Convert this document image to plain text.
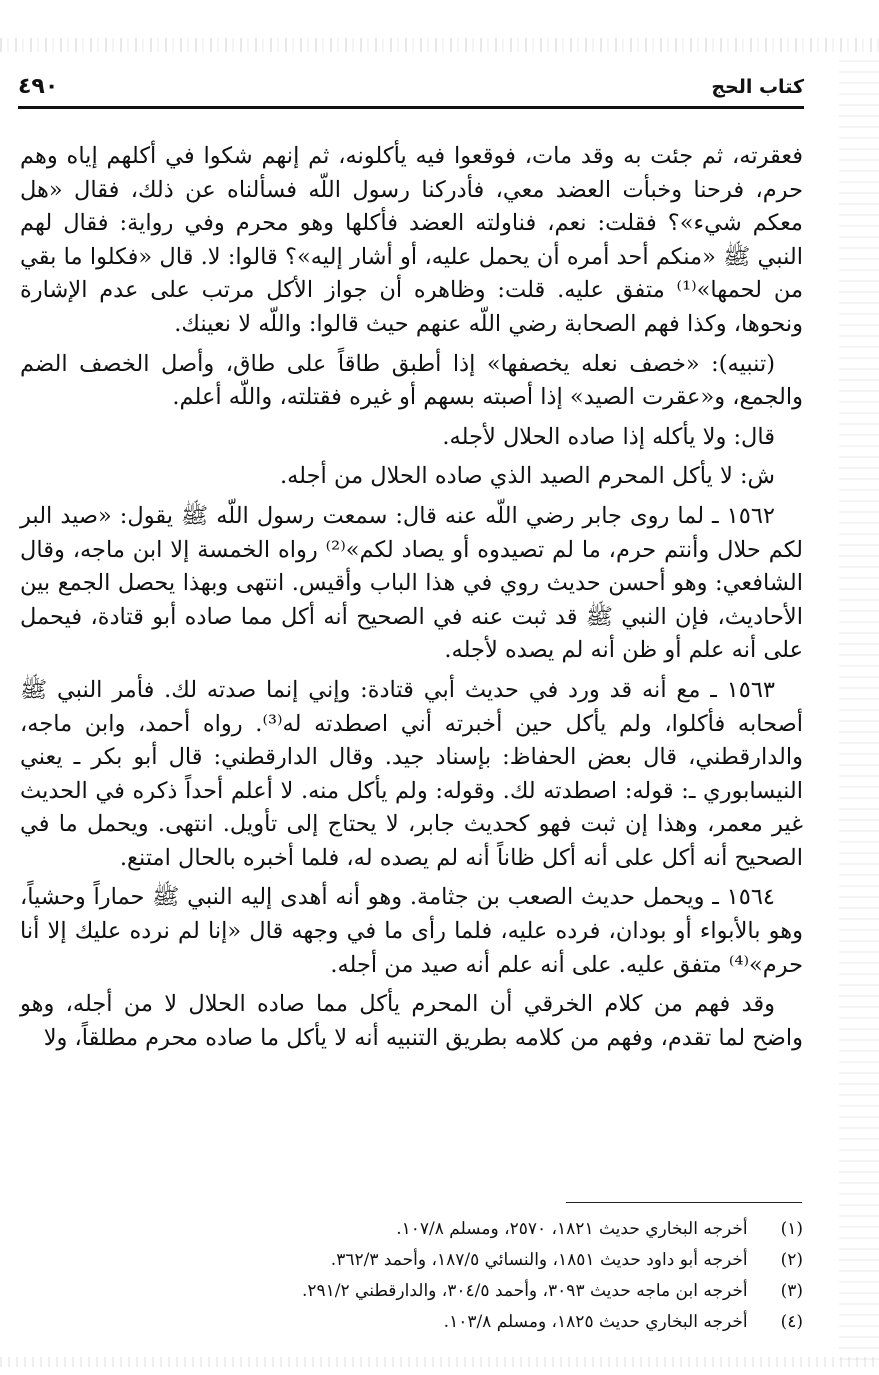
كتاب الحج
٤٩٠

فعقرته، ثم جئت به وقد مات، فوقعوا فيه يأكلونه، ثم إنهم شكوا في أكلهم إياه وهم حرم، فرحنا وخبأت العضد معي، فأدركنا رسول اللّه فسألناه عن ذلك، فقال «هل معكم شيء»؟ فقلت: نعم، فناولته العضد فأكلها وهو محرم وفي رواية: فقال لهم النبي ﷺ «منكم أحد أمره أن يحمل عليه، أو أشار إليه»؟ قالوا: لا. قال «فكلوا ما بقي من لحمها»⁽¹⁾ متفق عليه. قلت: وظاهره أن جواز الأكل مرتب على عدم الإشارة ونحوها، وكذا فهم الصحابة رضي اللّه عنهم حيث قالوا: واللّه لا نعينك.

(تنبيه): «خصف نعله يخصفها» إذا أطبق طاقاً على طاق، وأصل الخصف الضم والجمع، و«عقرت الصيد» إذا أصبته بسهم أو غيره فقتلته، واللّه أعلم.

قال: ولا يأكله إذا صاده الحلال لأجله.

ش: لا يأكل المحرم الصيد الذي صاده الحلال من أجله.

١٥٦٢ ـ لما روى جابر رضي اللّه عنه قال: سمعت رسول اللّه ﷺ يقول: «صيد البر لكم حلال وأنتم حرم، ما لم تصيدوه أو يصاد لكم»⁽²⁾ رواه الخمسة إلا ابن ماجه، وقال الشافعي: وهو أحسن حديث روي في هذا الباب وأقيس. انتهى وبهذا يحصل الجمع بين الأحاديث، فإن النبي ﷺ قد ثبت عنه في الصحيح أنه أكل مما صاده أبو قتادة، فيحمل على أنه علم أو ظن أنه لم يصده لأجله.

١٥٦٣ ـ مع أنه قد ورد في حديث أبي قتادة: وإني إنما صدته لك. فأمر النبي ﷺ أصحابه فأكلوا، ولم يأكل حين أخبرته أني اصطدته له⁽³⁾. رواه أحمد، وابن ماجه، والدارقطني، قال بعض الحفاظ: بإسناد جيد. وقال الدارقطني: قال أبو بكر ـ يعني النيسابوري ـ: قوله: اصطدته لك. وقوله: ولم يأكل منه. لا أعلم أحداً ذكره في الحديث غير معمر، وهذا إن ثبت فهو كحديث جابر، لا يحتاج إلى تأويل. انتهى. ويحمل ما في الصحيح أنه أكل على أنه أكل ظاناً أنه لم يصده له، فلما أخبره بالحال امتنع.

١٥٦٤ ـ ويحمل حديث الصعب بن جثامة. وهو أنه أهدى إليه النبي ﷺ حماراً وحشياً، وهو بالأبواء أو بودان، فرده عليه، فلما رأى ما في وجهه قال «إنا لم نرده عليك إلا أنا حرم»⁽⁴⁾ متفق عليه. على أنه علم أنه صيد من أجله.

وقد فهم من كلام الخرقي أن المحرم يأكل مما صاده الحلال لا من أجله، وهو واضح لما تقدم، وفهم من كلامه بطريق التنبيه أنه لا يأكل ما صاده محرم مطلقاً، ولا

(١) أخرجه البخاري حديث ١٨٢١، ٢٥٧٠، ومسلم ١٠٧/٨.

(٢) أخرجه أبو داود حديث ١٨٥١، والنسائي ١٨٧/٥، وأحمد ٣٦٢/٣.

(٣) أخرجه ابن ماجه حديث ٣٠٩٣، وأحمد ٣٠٤/٥، والدارقطني ٢٩١/٢.

(٤) أخرجه البخاري حديث ١٨٢٥، ومسلم ١٠٣/٨.
